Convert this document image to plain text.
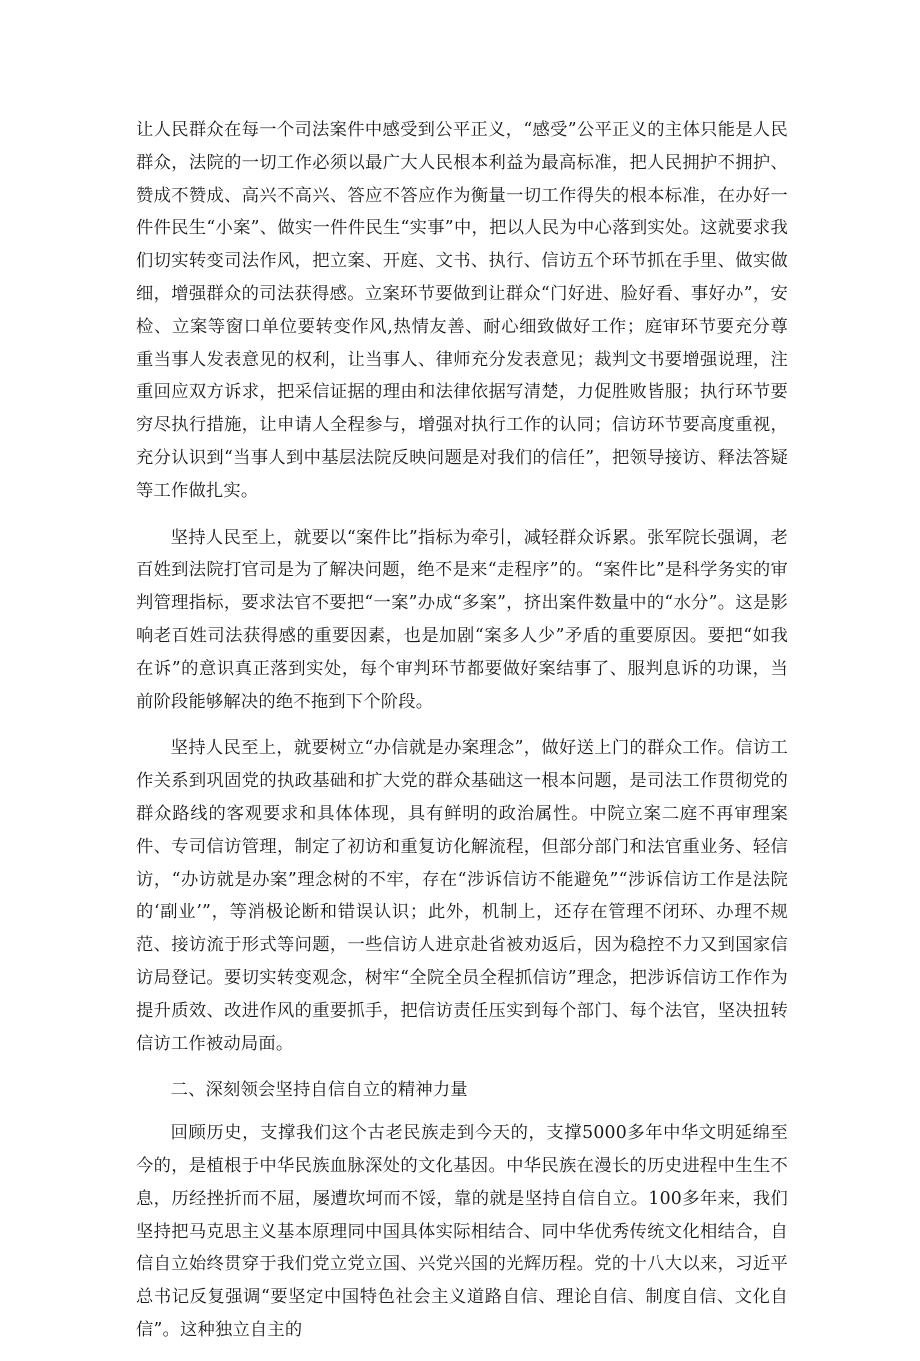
让人民群众在每一个司法案件中感受到公平正义，“感受”公平正义的主体只能是人民群众，法院的一切工作必须以最广大人民根本利益为最高标准，把人民拥护不拥护、赞成不赞成、高兴不高兴、答应不答应作为衡量一切工作得失的根本标准，在办好一件件民生“小案”、做实一件件民生“实事”中，把以人民为中心落到实处。这就要求我们切实转变司法作风，把立案、开庭、文书、执行、信访五个环节抓在手里、做实做细，增强群众的司法获得感。立案环节要做到让群众“门好进、脸好看、事好办”，安检、立案等窗口单位要转变作风,热情友善、耐心细致做好工作；庭审环节要充分尊重当事人发表意见的权利，让当事人、律师充分发表意见；裁判文书要增强说理，注重回应双方诉求，把采信证据的理由和法律依据写清楚，力促胜败皆服；执行环节要穷尽执行措施，让申请人全程参与，增强对执行工作的认同；信访环节要高度重视，充分认识到“当事人到中基层法院反映问题是对我们的信任”，把领导接访、释法答疑等工作做扎实。

坚持人民至上，就要以“案件比”指标为牵引，减轻群众诉累。张军院长强调，老百姓到法院打官司是为了解决问题，绝不是来“走程序”的。“案件比”是科学务实的审判管理指标，要求法官不要把“一案”办成“多案”，挤出案件数量中的“水分”。这是影响老百姓司法获得感的重要因素，也是加剧“案多人少”矛盾的重要原因。要把“如我在诉”的意识真正落到实处，每个审判环节都要做好案结事了、服判息诉的功课，当前阶段能够解决的绝不拖到下个阶段。

坚持人民至上，就要树立“办信就是办案理念”，做好送上门的群众工作。信访工作关系到巩固党的执政基础和扩大党的群众基础这一根本问题，是司法工作贯彻党的群众路线的客观要求和具体体现，具有鲜明的政治属性。中院立案二庭不再审理案件、专司信访管理，制定了初访和重复访化解流程，但部分部门和法官重业务、轻信访，“办访就是办案”理念树的不牢，存在“涉诉信访不能避免”“涉诉信访工作是法院的‘副业’”，等消极论断和错误认识；此外，机制上，还存在管理不闭环、办理不规范、接访流于形式等问题，一些信访人进京赴省被劝返后，因为稳控不力又到国家信访局登记。要切实转变观念，树牢“全院全员全程抓信访”理念，把涉诉信访工作作为提升质效、改进作风的重要抓手，把信访责任压实到每个部门、每个法官，坚决扭转信访工作被动局面。

二、深刻领会坚持自信自立的精神力量

回顾历史，支撑我们这个古老民族走到今天的，支撑5000多年中华文明延绵至今的，是植根于中华民族血脉深处的文化基因。中华民族在漫长的历史进程中生生不息，历经挫折而不屈，屡遭坎坷而不馁，靠的就是坚持自信自立。100多年来，我们坚持把马克思主义基本原理同中国具体实际相结合、同中华优秀传统文化相结合，自信自立始终贯穿于我们党立党立国、兴党兴国的光辉历程。党的十八大以来，习近平总书记反复强调“要坚定中国特色社会主义道路自信、理论自信、制度自信、文化自信”。这种独立自主的
